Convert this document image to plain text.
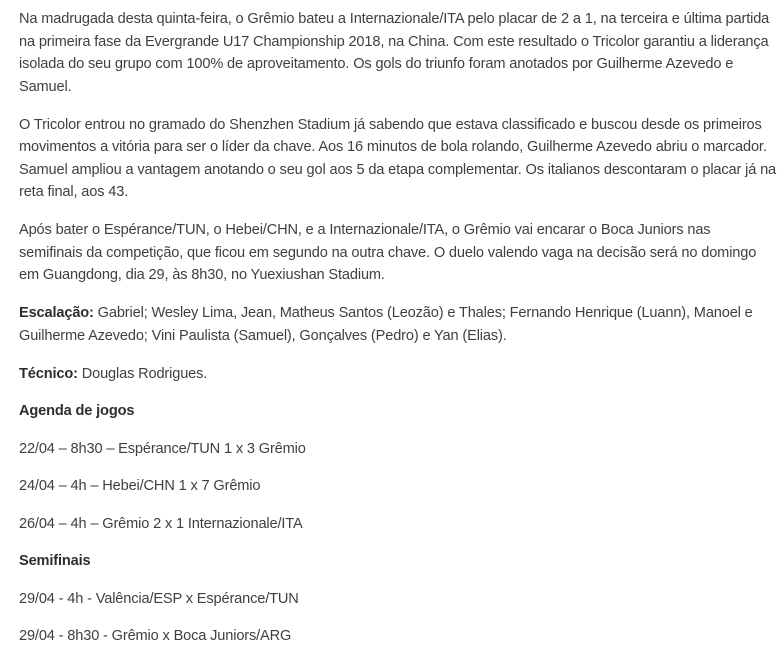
Na madrugada desta quinta-feira, o Grêmio bateu a Internazionale/ITA pelo placar de 2 a 1, na terceira e última partida na primeira fase da Evergrande U17 Championship 2018, na China. Com este resultado o Tricolor garantiu a liderança isolada do seu grupo com 100% de aproveitamento. Os gols do triunfo foram anotados por Guilherme Azevedo e Samuel.

O Tricolor entrou no gramado do Shenzhen Stadium já sabendo que estava classificado e buscou desde os primeiros movimentos a vitória para ser o líder da chave. Aos 16 minutos de bola rolando, Guilherme Azevedo abriu o marcador. Samuel ampliou a vantagem anotando o seu gol aos 5 da etapa complementar. Os italianos descontaram o placar já na reta final, aos 43.

Após bater o Espérance/TUN, o Hebei/CHN, e a Internazionale/ITA, o Grêmio vai encarar o Boca Juniors nas semifinais da competição, que ficou em segundo na outra chave. O duelo valendo vaga na decisão será no domingo em Guangdong, dia 29, às 8h30, no Yuexiushan Stadium.

Escalação: Gabriel; Wesley Lima, Jean, Matheus Santos (Leozão) e Thales; Fernando Henrique (Luann), Manoel e Guilherme Azevedo; Vini Paulista (Samuel), Gonçalves (Pedro) e Yan (Elias).

Técnico: Douglas Rodrigues.

Agenda de jogos

22/04 – 8h30 – Espérance/TUN 1 x 3 Grêmio

24/04 – 4h – Hebei/CHN 1 x 7 Grêmio

26/04 – 4h – Grêmio 2 x 1 Internazionale/ITA

Semifinais

29/04 - 4h - Valência/ESP x Espérance/TUN

29/04 - 8h30 - Grêmio x Boca Juniors/ARG
